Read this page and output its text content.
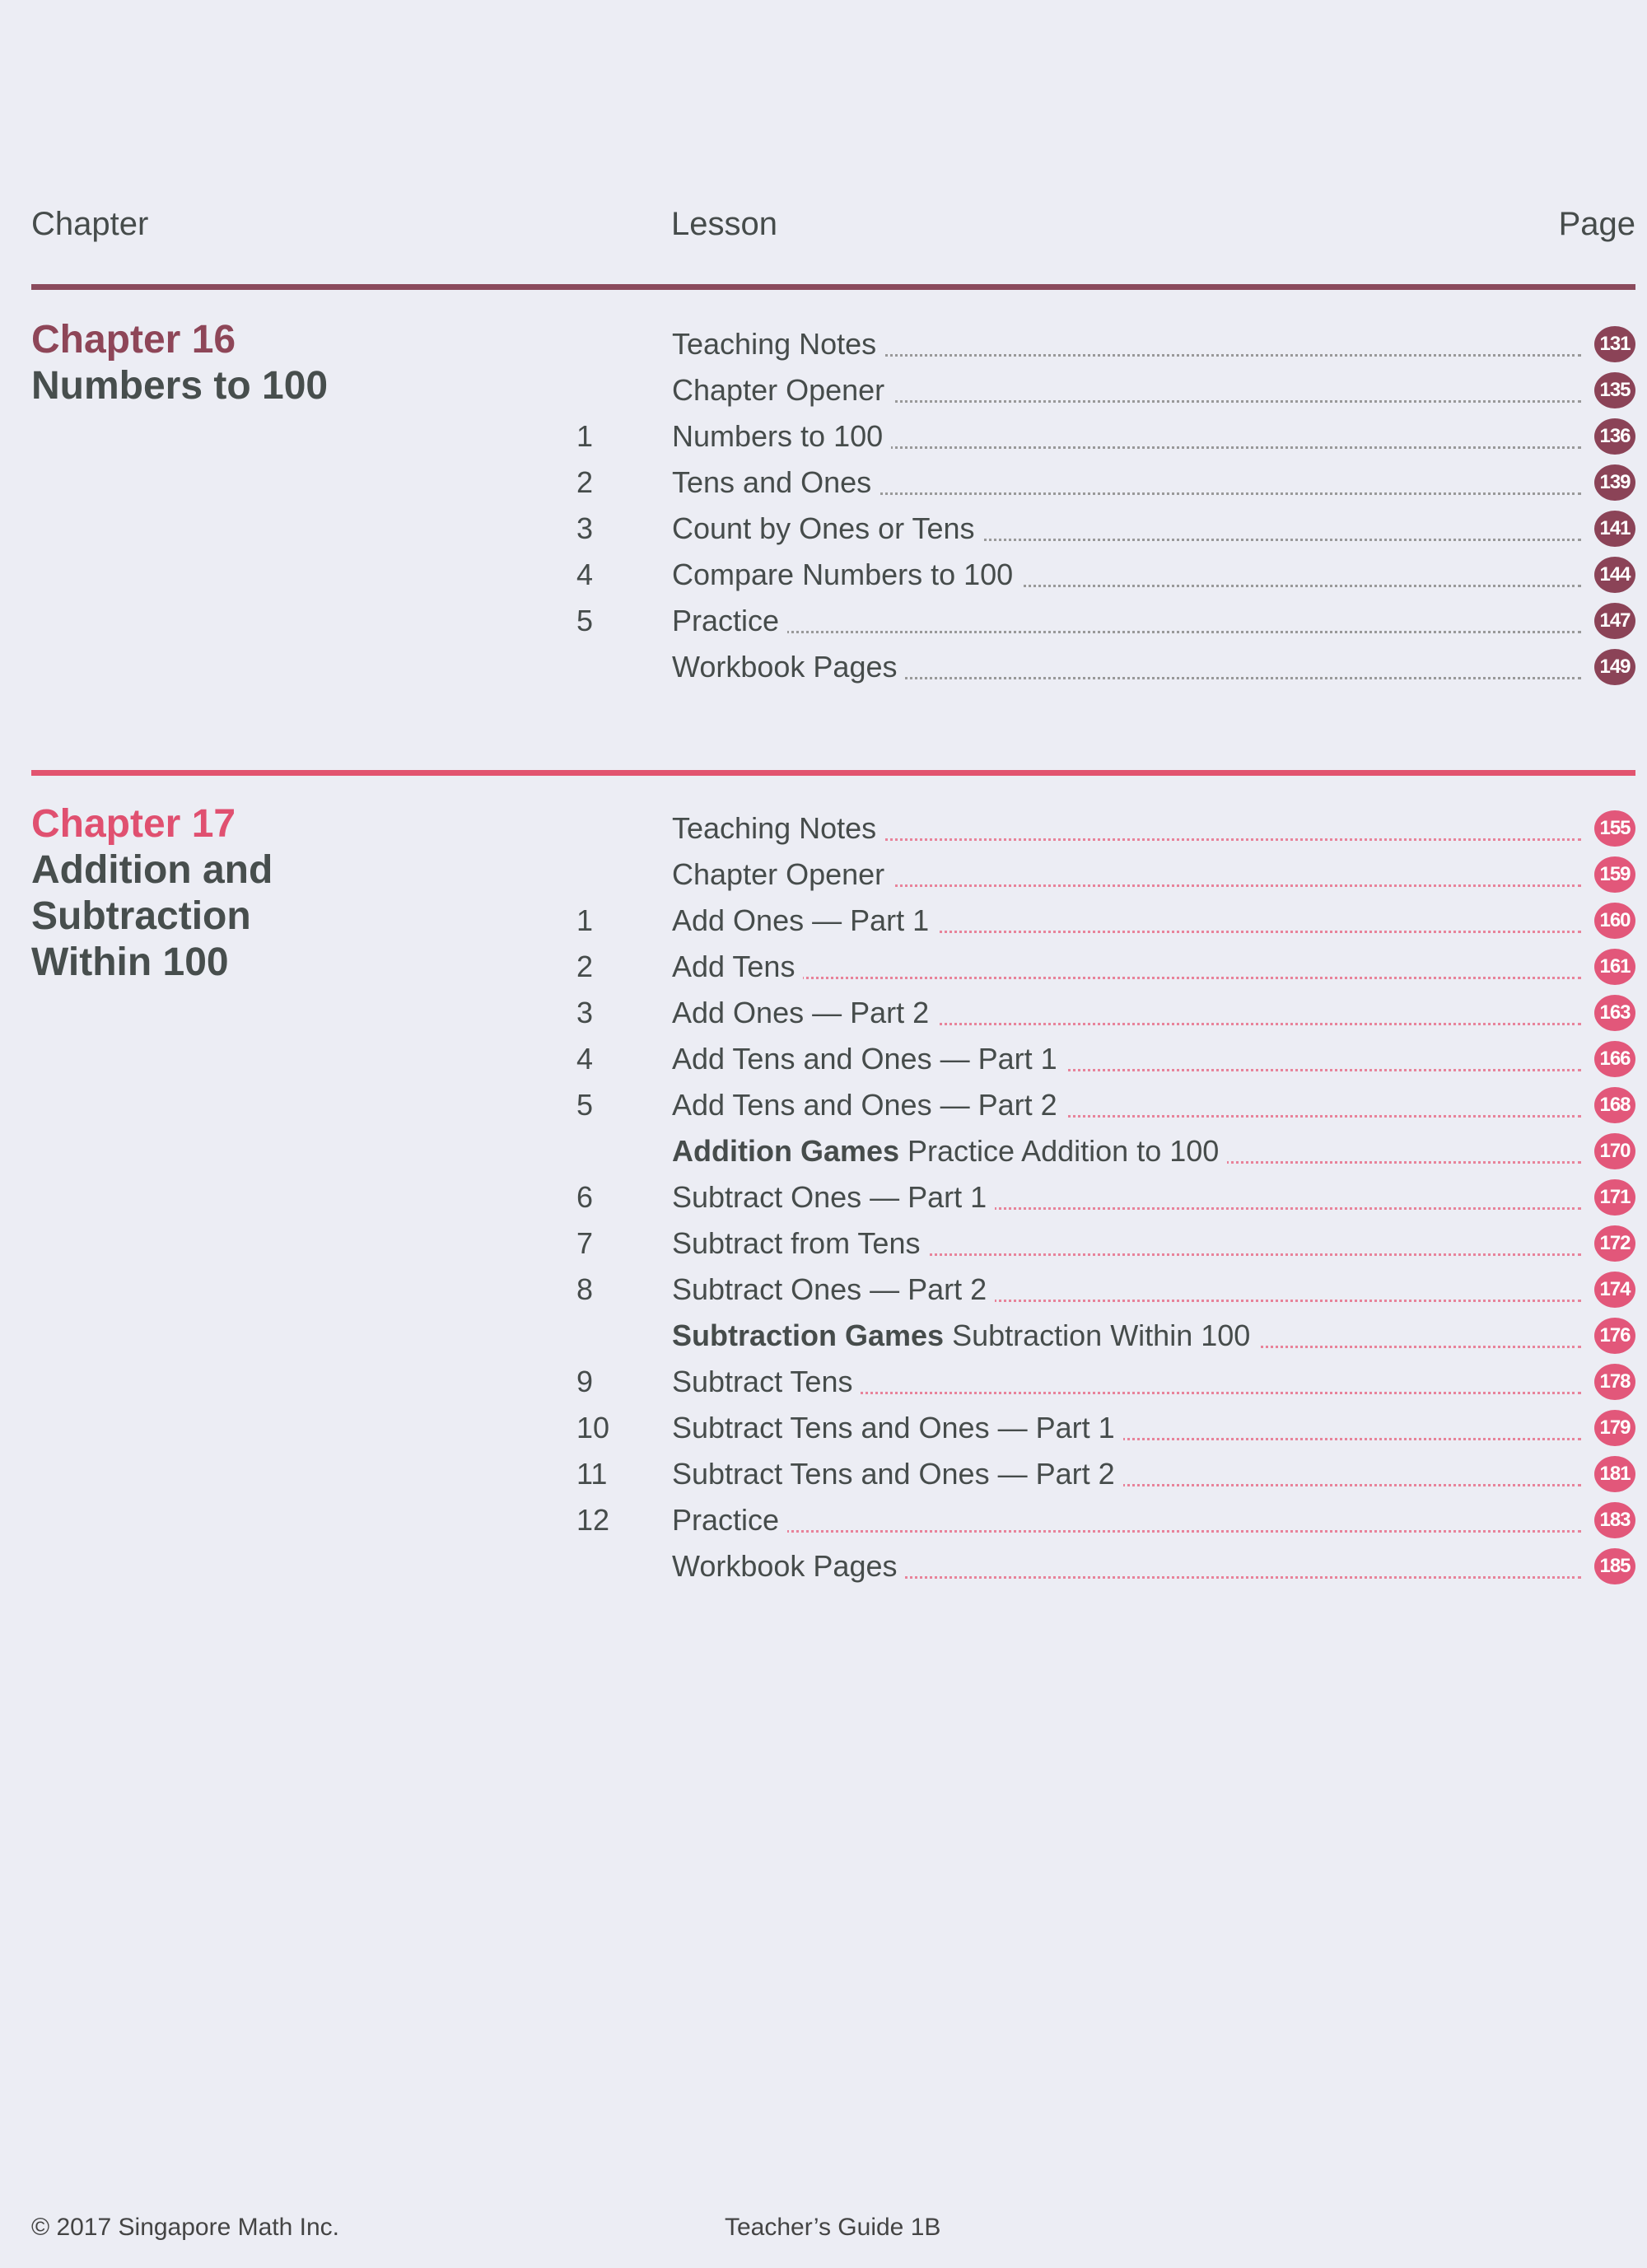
Chapter	Lesson	Page
Chapter 16
Numbers to 100
Teaching Notes	131
Chapter Opener	135
1	Numbers to 100	136
2	Tens and Ones	139
3	Count by Ones or Tens	141
4	Compare Numbers to 100	144
5	Practice	147
Workbook Pages	149
Chapter 17
Addition and
Subtraction
Within 100
Teaching Notes	155
Chapter Opener	159
1	Add Ones — Part 1	160
2	Add Tens	161
3	Add Ones — Part 2	163
4	Add Tens and Ones — Part 1	166
5	Add Tens and Ones — Part 2	168
Addition Games Practice Addition to 100	170
6	Subtract Ones — Part 1	171
7	Subtract from Tens	172
8	Subtract Ones — Part 2	174
Subtraction Games Subtraction Within 100	176
9	Subtract Tens	178
10 Subtract Tens and Ones — Part 1	179
11	Subtract Tens and Ones — Part 2	181
12 Practice	183
Workbook Pages	185
© 2017 Singapore Math Inc.	Teacher’s Guide 1B
